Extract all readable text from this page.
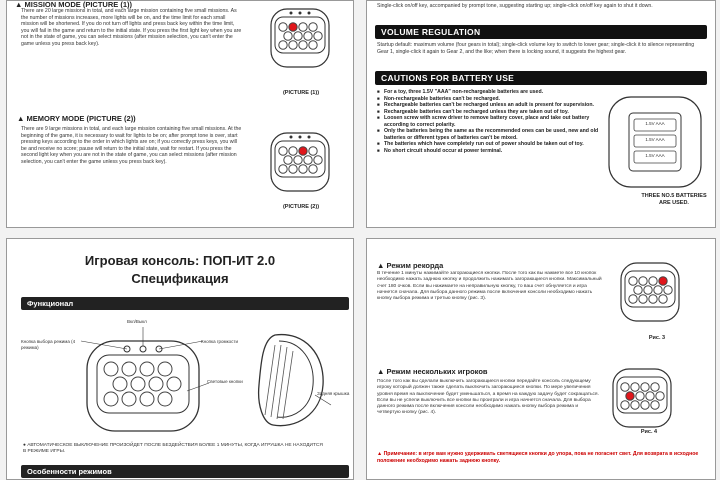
▲ MISSION MODE (PICTURE (1))

There are 20 large missions in total, and each large mission containing five small missions. As the number of missions increases, more lights will be on, and the time limit for each small mission will be shortened. If you do not turn off lights and press back key within the time limit, you will fail in the game and return to the initial state. If you press the first light key when you are not in the state of game, you can select missions (after mission selection, you can't enter the game unless you press back key).

(PICTURE (1))

▲ MEMORY MODE (PICTURE (2))

There are 9 large missions in total, and each large mission containing five small missions. At the beginning of the game, it is necessary to wait for lights to be on; after prompt tone is over, start pressing keys according to the order in which lights are on; if you correctly press keys, you will be and receive no score; pause will return to the initial state, wait for restart. If you press the second light key when you are not in the state of game, you can select missions (after mission selection, you can't enter the game unless you press back key).

(PICTURE (2))

Single-click on/off key, accompanied by prompt tone, suggesting starting up; single-click on/off key again to shut it down.

VOLUME REGULATION

Startup default: maximum volume (four gears in total); single-click volume key to switch to lower gear; single-click it to silence representing Gear 1, single-click it again to Gear 2, and the like; when there is locking sound, it suggests the highest gear.

CAUTIONS FOR BATTERY USE
■ For a toy, three 1.5V "AAA" non-rechargeable batteries are used.
■ Non-rechargeable batteries can't be recharged.
■ Rechargeable batteries can't be recharged unless an adult is present for supervision.
■ Rechargeable batteries can't be recharged unless they are taken out of toy.
■ Loosen screw with screw driver to remove battery cover, place and take out battery according to correct polarity.
■ Only the batteries being the same as the recommended ones can be used, new and old batteries or different types of batteries can't be mixed.
■ The batteries which have completely run out of power should be taken out of toy.
■ No short circuit should occur at power terminal.
1.5V AAA
1.5V AAA
1.5V AAA
THREE NO.5 BATTERIES ARE USED.
Игровая консоль: ПОП-ИТ 2.0
Спецификация
Функционал
Вкл/Выкл
Кнопка выбора режима (4 режима)
Кнопка громкости
Световые кнопки
Задняя крышка

● АВТОМАТИЧЕСКОЕ ВЫКЛЮЧЕНИЕ ПРОИЗОЙДЕТ ПОСЛЕ БЕЗДЕЙСТВИЯ БОЛЕЕ 1 МИНУТЫ, КОГДА ИГРУШКА НЕ НАХОДИТСЯ В РЕЖИМЕ ИГРЫ.

Особенности режимов

▲ Режим рекорда

В течение 1 минуты нажимайте загорающиеся кнопки. После того как вы нажмете все 10 кнопок необходимо нажать заднюю кнопку и продолжить нажимать загорающиеся кнопки. Максимальный счет 180 очков. Если вы нажимаете на неправильную кнопку, то ваш счет обнуляется и игра начнется сначала. Для выбора данного режима после включения консоли необходимо нажать кнопку выбора режима и третью кнопку (рис. 3).

Рис. 3

▲ Режим нескольких игроков

После того как вы сделали выключить загорающиеся кнопки передайте консоль следующему игроку который должен также сделать выключить загорающиеся кнопки. По мере увеличения уровня время на выключение будет уменьшаться, а время на каждую задачу будет сокращаться. Если вы не успели выключить все кнопки вы проиграли и игра начнется сначала. Для выбора данного режима после включения консоли необходимо нажать кнопку выбора режима и четвертую кнопку (рис. 4).

Рис. 4

▲ Примечание: в игре вам нужно удерживать светящиеся кнопки до упора, пока не погаснет свет. Для возврата в исходное положение необходимо нажать заднюю кнопку.
